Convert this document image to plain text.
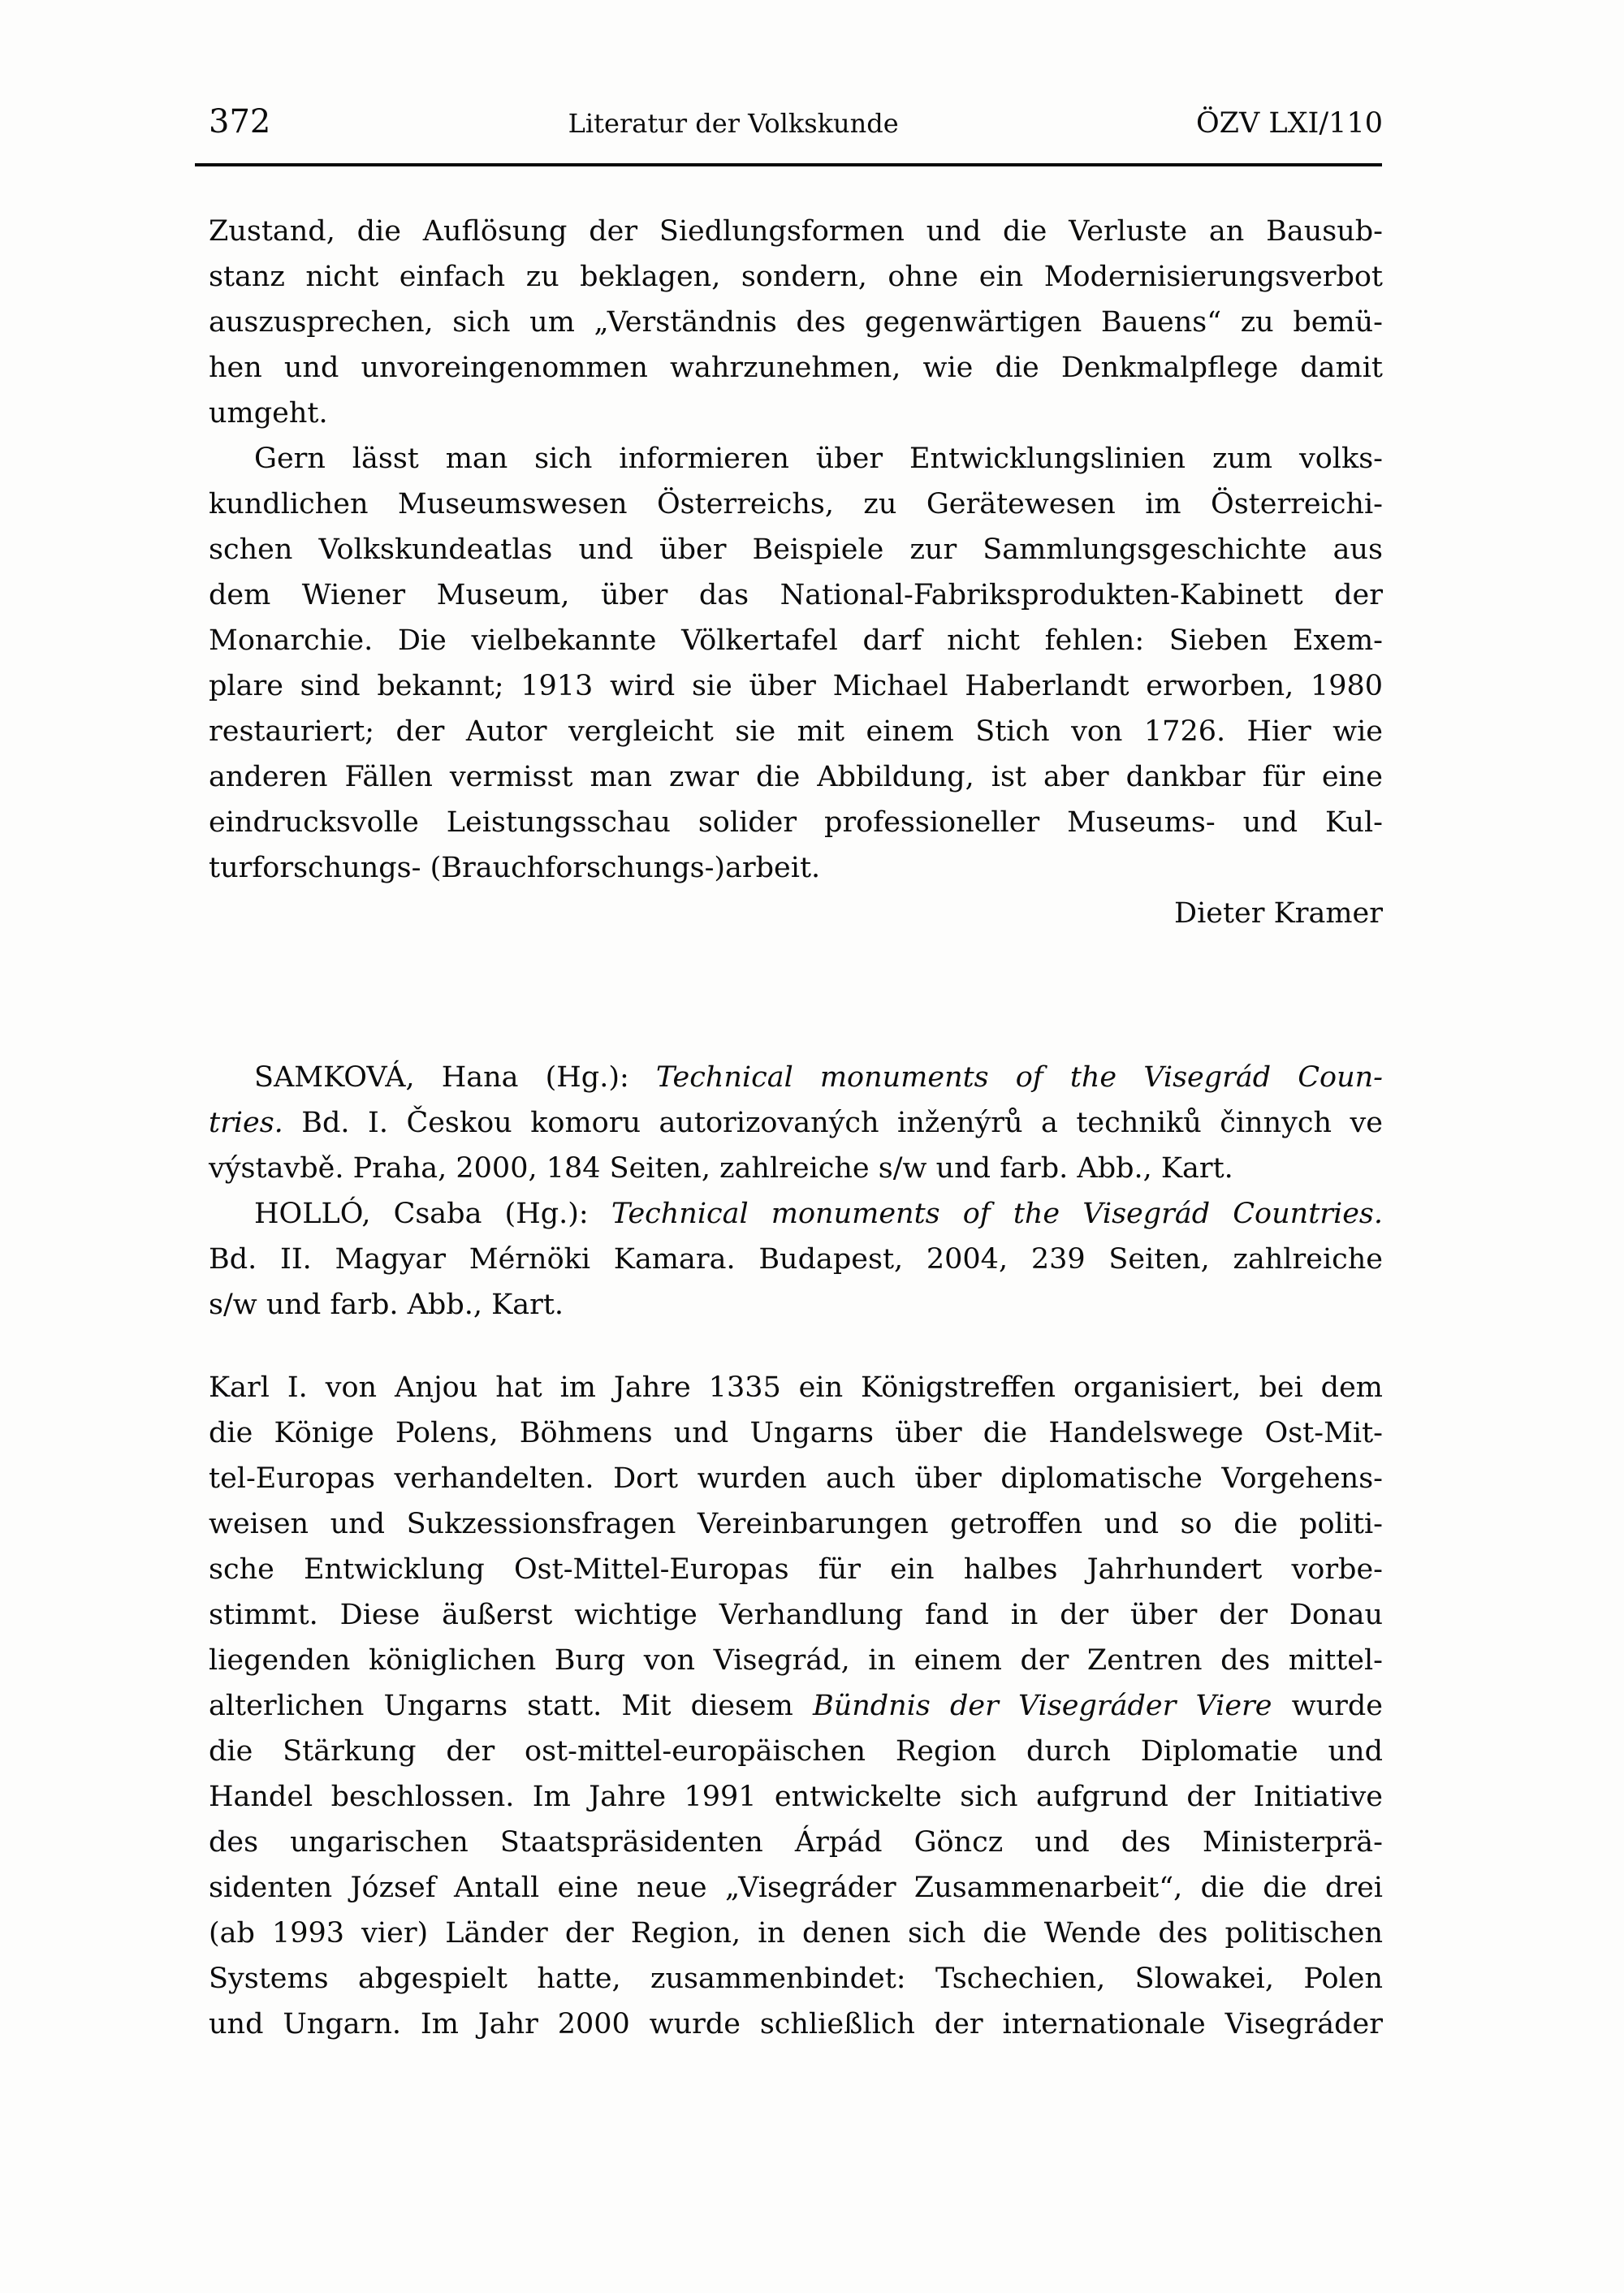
372	Literatur der Volkskunde	ÖZV LXI/110
Zustand, die Auflösung der Siedlungsformen und die Verluste an Bausub-
stanz nicht einfach zu beklagen, sondern, ohne ein Modernisierungsverbot
auszusprechen, sich um „Verständnis des gegenwärtigen Bauens“ zu bemü-
hen und unvoreingenommen wahrzunehmen, wie die Denkmalpflege damit
umgeht.
Gern lässt man sich informieren über Entwicklungslinien zum volks-
kundlichen Museumswesen Österreichs, zu Gerätewesen im Österreichi-
schen Volkskundeatlas und über Beispiele zur Sammlungsgeschichte aus
dem Wiener Museum, über das National-Fabriksprodukten-Kabinett der
Monarchie. Die vielbekannte Völkertafel darf nicht fehlen: Sieben Exem-
plare sind bekannt; 1913 wird sie über Michael Haberlandt erworben, 1980
restauriert; der Autor vergleicht sie mit einem Stich von 1726. Hier wie
anderen Fällen vermisst man zwar die Abbildung, ist aber dankbar für eine
eindrucksvolle Leistungsschau solider professioneller Museums- und Kul-
turforschungs- (Brauchforschungs-)arbeit.
Dieter Kramer
SAMKOVÁ, Hana (Hg.): Technical monuments of the Visegrád Coun-
tries. Bd. I. Českou komoru autorizovaných inženýrů a techniků činnych ve
výstavbě. Praha, 2000, 184 Seiten, zahlreiche s/w und farb. Abb., Kart.
HOLLÓ, Csaba (Hg.): Technical monuments of the Visegrád Countries.
Bd. II. Magyar Mérnöki Kamara. Budapest, 2004, 239 Seiten, zahlreiche
s/w und farb. Abb., Kart.
Karl I. von Anjou hat im Jahre 1335 ein Königstreffen organisiert, bei dem
die Könige Polens, Böhmens und Ungarns über die Handelswege Ost-Mit-
tel-Europas verhandelten. Dort wurden auch über diplomatische Vorgehens-
weisen und Sukzessionsfragen Vereinbarungen getroffen und so die politi-
sche Entwicklung Ost-Mittel-Europas für ein halbes Jahrhundert vorbe-
stimmt. Diese äußerst wichtige Verhandlung fand in der über der Donau
liegenden königlichen Burg von Visegrád, in einem der Zentren des mittel-
alterlichen Ungarns statt. Mit diesem Bündnis der Visegráder Viere wurde
die Stärkung der ost-mittel-europäischen Region durch Diplomatie und
Handel beschlossen. Im Jahre 1991 entwickelte sich aufgrund der Initiative
des ungarischen Staatspräsidenten Árpád Göncz und des Ministerprä-
sidenten József Antall eine neue „Visegráder Zusammenarbeit“, die die drei
(ab 1993 vier) Länder der Region, in denen sich die Wende des politischen
Systems abgespielt hatte, zusammenbindet: Tschechien, Slowakei, Polen
und Ungarn. Im Jahr 2000 wurde schließlich der internationale Visegráder
